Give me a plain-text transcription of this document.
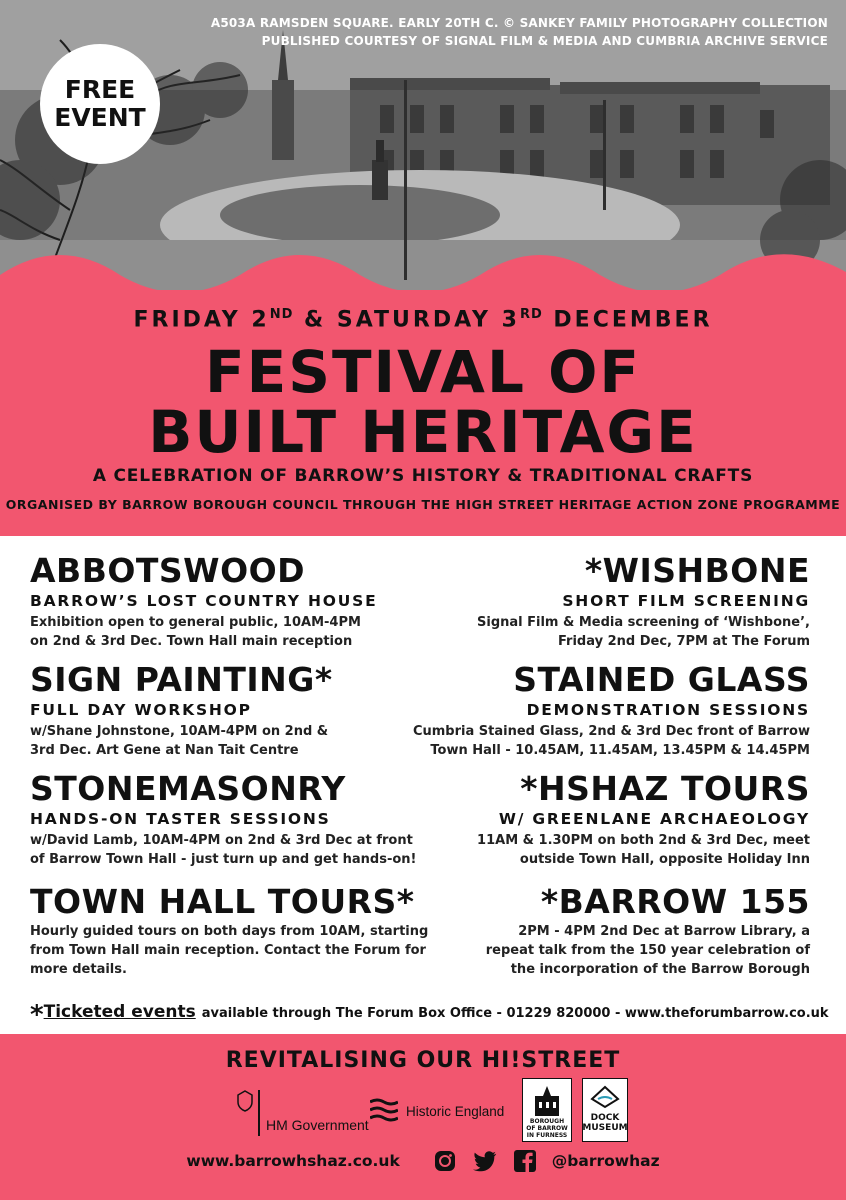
A503A RAMSDEN SQUARE. EARLY 20TH C. © SANKEY FAMILY PHOTOGRAPHY COLLECTION
PUBLISHED COURTESY OF SIGNAL FILM & MEDIA AND CUMBRIA ARCHIVE SERVICE
FREE
EVENT
FRIDAY 2ND & SATURDAY 3RD DECEMBER
FESTIVAL OF
BUILT HERITAGE
A CELEBRATION OF BARROW’S HISTORY & TRADITIONAL CRAFTS
ORGANISED BY BARROW BOROUGH COUNCIL THROUGH THE HIGH STREET HERITAGE ACTION ZONE PROGRAMME
ABBOTSWOOD
BARROW’S LOST COUNTRY HOUSE
Exhibition open to general public, 10AM-4PM
on 2nd & 3rd Dec. Town Hall main reception
*WISHBONE
SHORT FILM SCREENING
Signal Film & Media screening of ‘Wishbone’,
Friday 2nd Dec, 7PM at The Forum
SIGN PAINTING*
FULL DAY WORKSHOP
w/Shane Johnstone, 10AM-4PM on 2nd &
3rd Dec. Art Gene at Nan Tait Centre
STAINED GLASS
DEMONSTRATION SESSIONS
Cumbria Stained Glass, 2nd & 3rd Dec front of Barrow
Town Hall - 10.45AM, 11.45AM, 13.45PM & 14.45PM
STONEMASONRY
HANDS-ON TASTER SESSIONS
w/David Lamb, 10AM-4PM on 2nd & 3rd Dec at front
of Barrow Town Hall - just turn up and get hands-on!
*HSHAZ TOURS
W/ GREENLANE ARCHAEOLOGY
11AM & 1.30PM on both 2nd & 3rd Dec, meet
outside Town Hall, opposite Holiday Inn
TOWN HALL TOURS*
Hourly guided tours on both days from 10AM, starting
from Town Hall main reception. Contact the Forum for
more details.
*BARROW 155
2PM - 4PM 2nd Dec at Barrow Library, a
repeat talk from the 150 year celebration of
the incorporation of the Barrow Borough
*Ticketed events available through The Forum Box Office - 01229 820000 - www.theforumbarrow.co.uk
REVITALISING OUR HI!STREET
HM Government
Historic England
BOROUGH OF BARROW IN FURNESS
DOCK MUSEUM
www.barrowhshaz.co.uk	@barrowhaz
